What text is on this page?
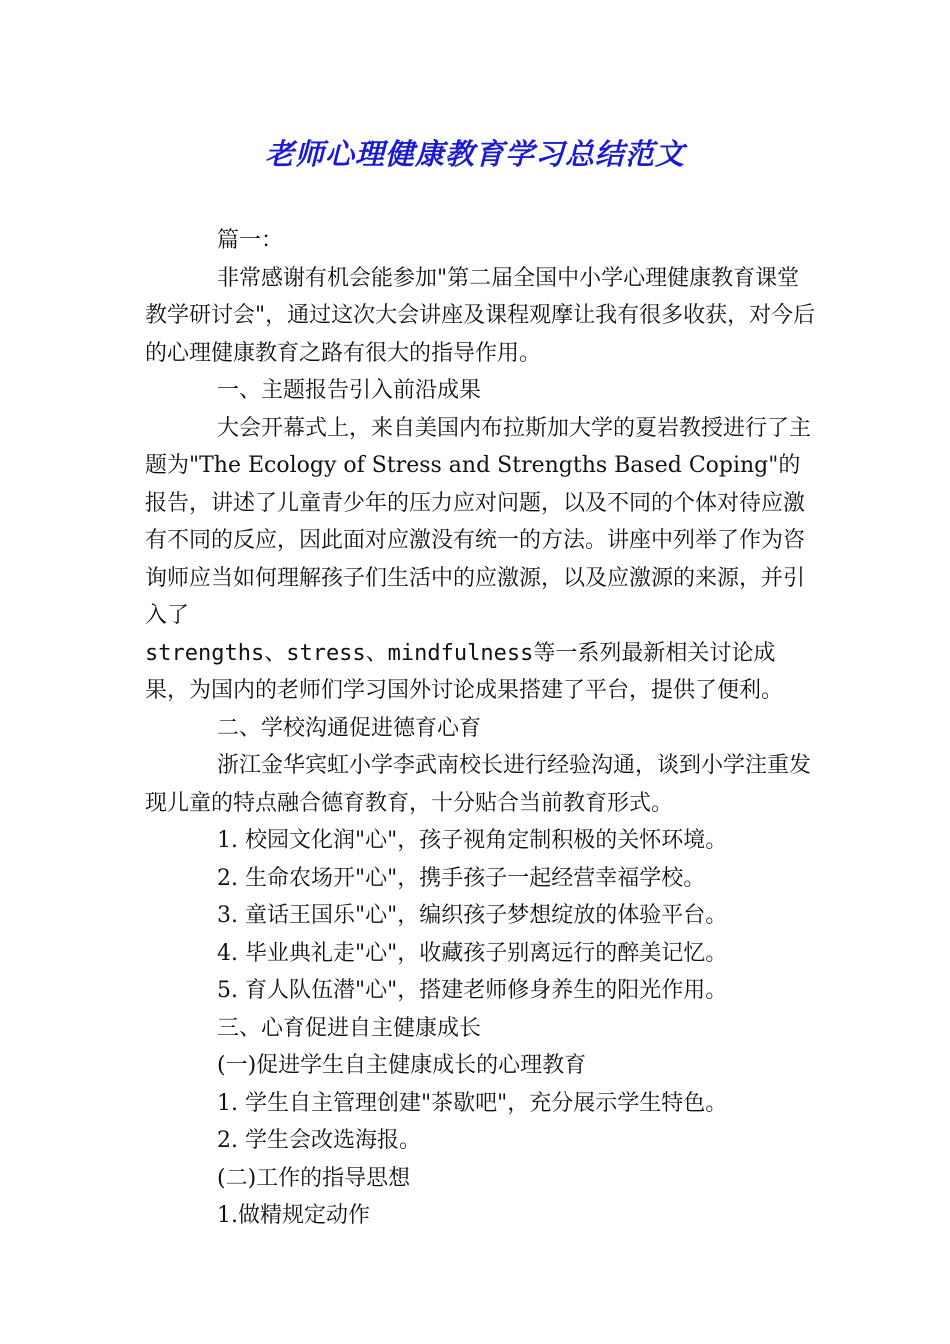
老师心理健康教育学习总结范文

篇一：

非常感谢有机会能参加"第二届全国中小学心理健康教育课堂教学研讨会"，通过这次大会讲座及课程观摩让我有很多收获，对今后的心理健康教育之路有很大的指导作用。

一、主题报告引入前沿成果

大会开幕式上，来自美国内布拉斯加大学的夏岩教授进行了主题为"The Ecology of Stress and Strengths Based Coping"的报告，讲述了儿童青少年的压力应对问题，以及不同的个体对待应激有不同的反应，因此面对应激没有统一的方法。讲座中列举了作为咨询师应当如何理解孩子们生活中的应激源，以及应激源的来源，并引入了

strengths、stress、mindfulness等一系列最新相关讨论成果，为国内的老师们学习国外讨论成果搭建了平台，提供了便利。

二、学校沟通促进德育心育

浙江金华宾虹小学李武南校长进行经验沟通，谈到小学注重发现儿童的特点融合德育教育，十分贴合当前教育形式。

1. 校园文化润"心"，孩子视角定制积极的关怀环境。

2. 生命农场开"心"，携手孩子一起经营幸福学校。

3. 童话王国乐"心"，编织孩子梦想绽放的体验平台。

4. 毕业典礼走"心"，收藏孩子别离远行的醉美记忆。

5. 育人队伍潜"心"，搭建老师修身养生的阳光作用。

三、心育促进自主健康成长

(一)促进学生自主健康成长的心理教育

1. 学生自主管理创建"茶歇吧"，充分展示学生特色。

2. 学生会改选海报。

(二)工作的指导思想

1.做精规定动作
